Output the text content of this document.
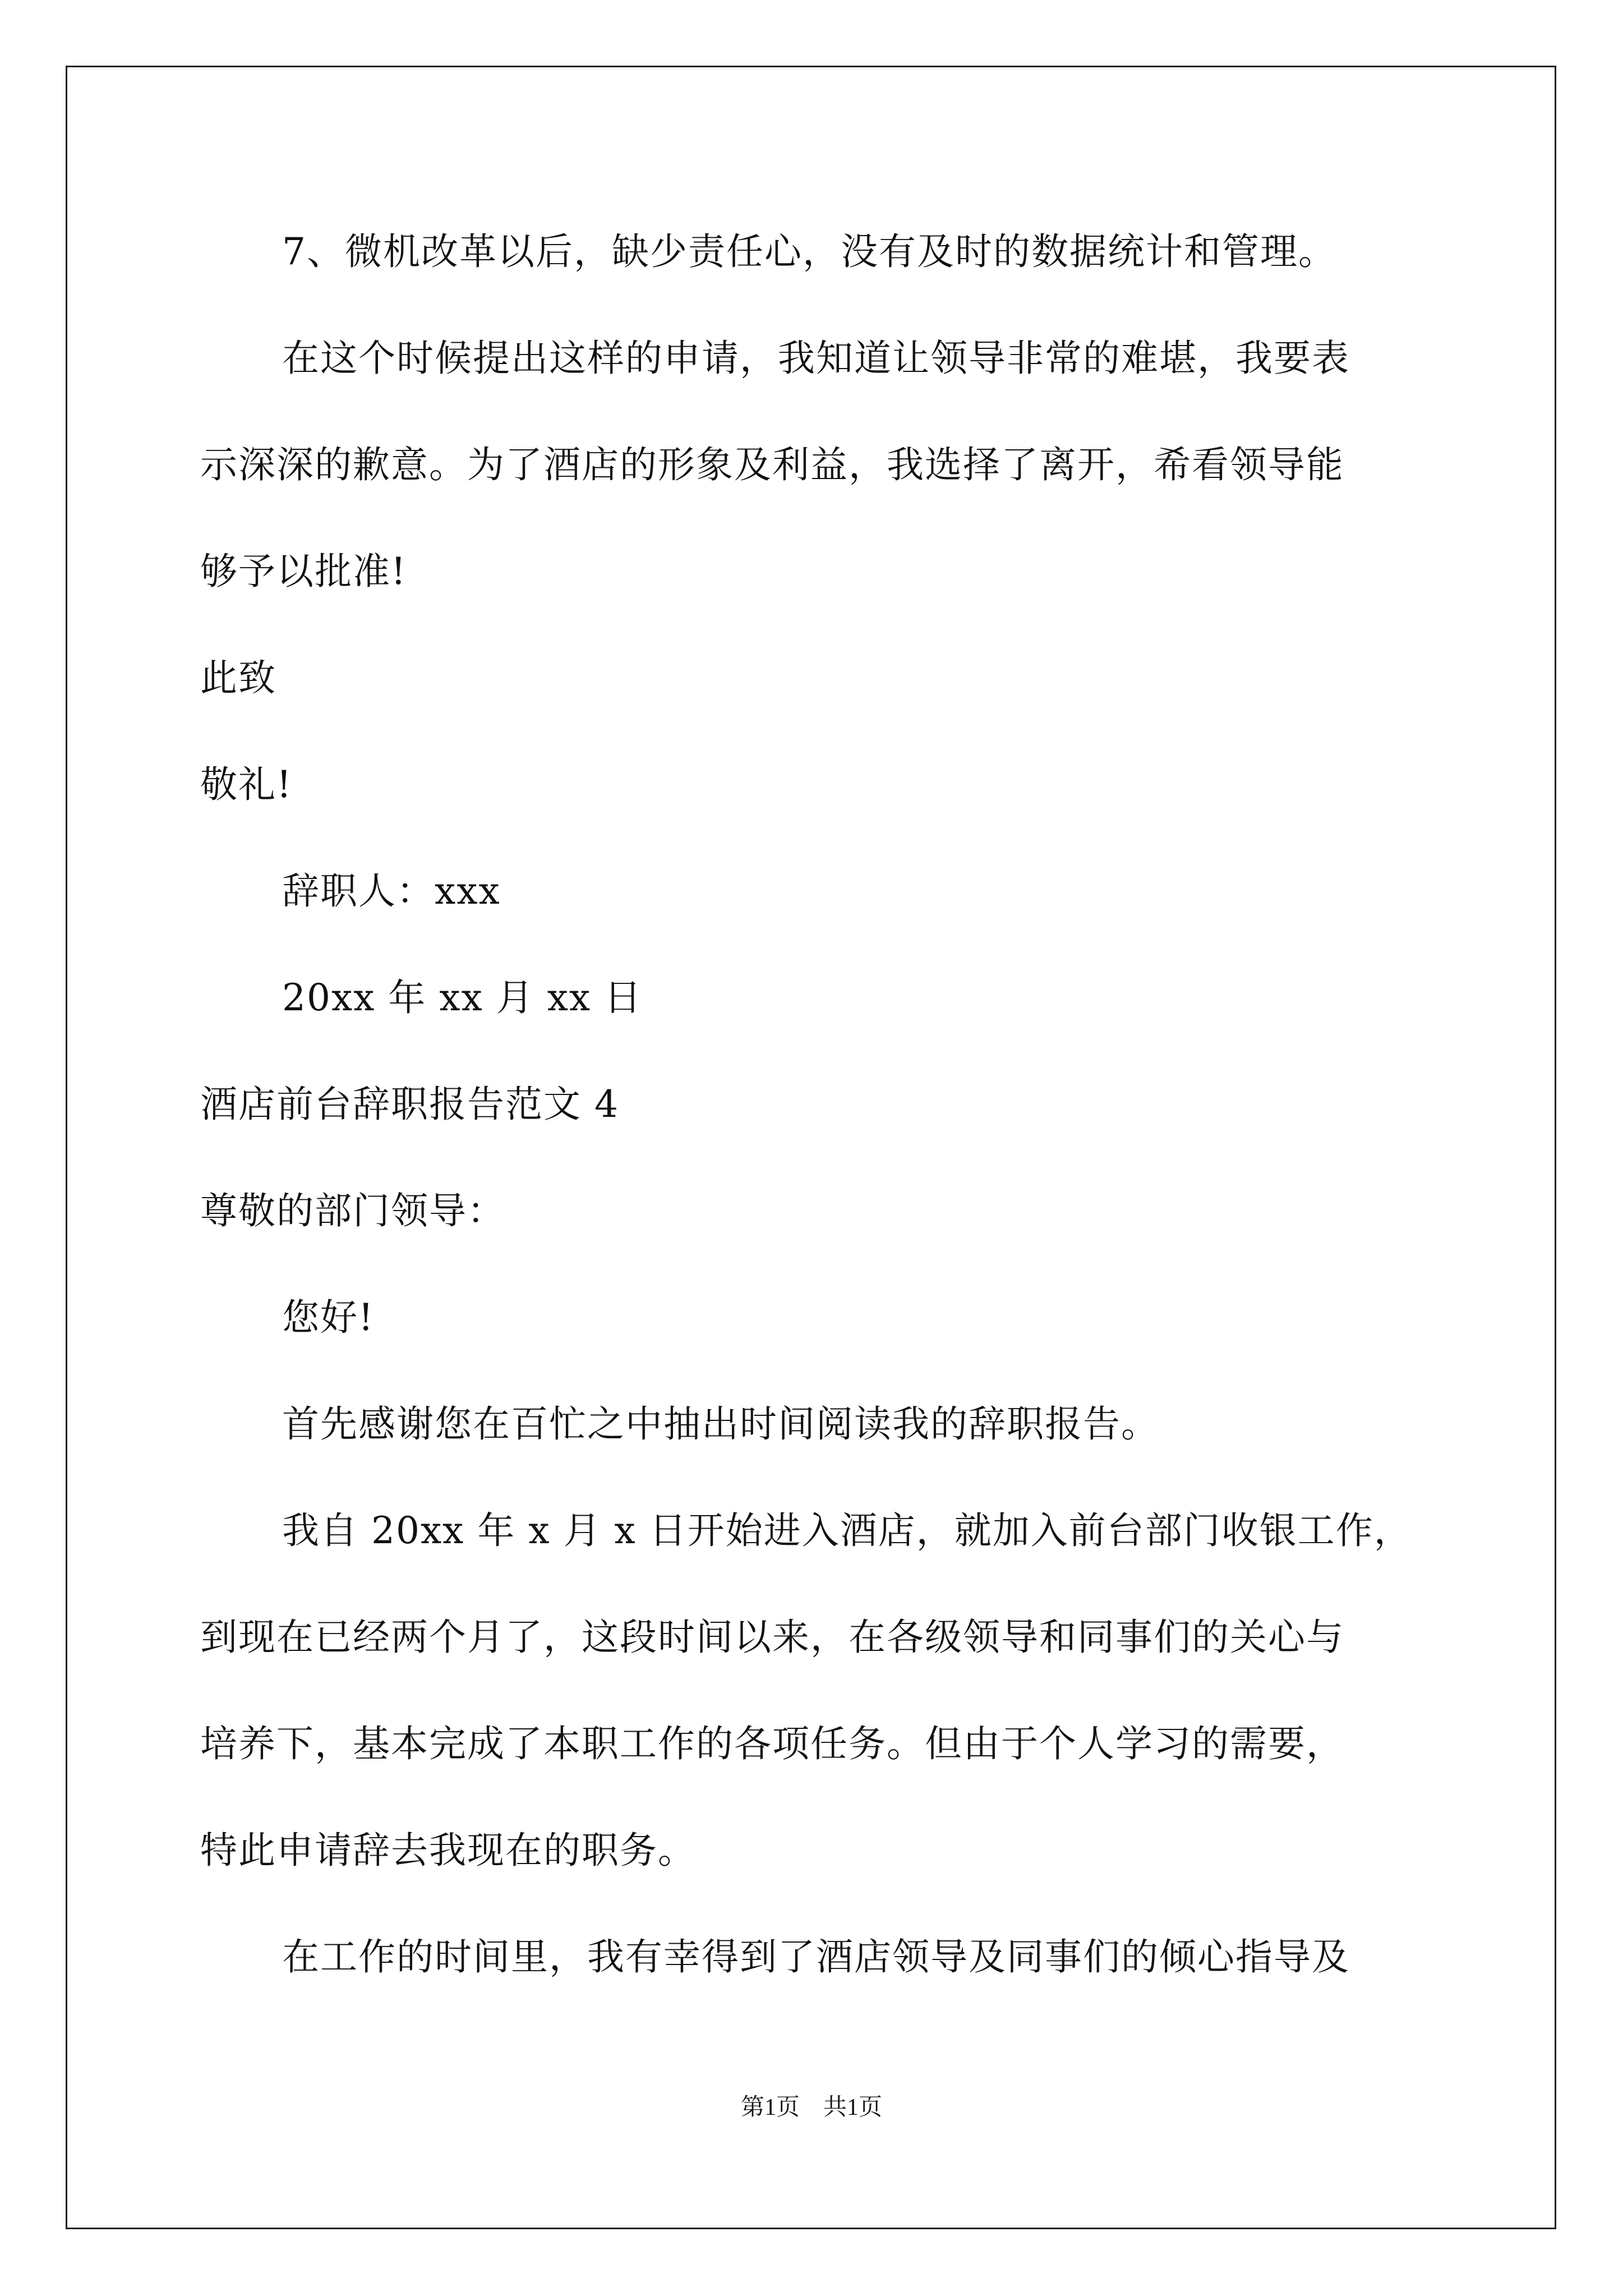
7、微机改革以后，缺少责任心，没有及时的数据统计和管理。
在这个时候提出这样的申请，我知道让领导非常的难堪，我要表
示深深的歉意。为了酒店的形象及利益，我选择了离开，希看领导能
够予以批准!
此致
敬礼!
辞职人：xxx
20xx 年 xx 月 xx 日
酒店前台辞职报告范文 4
尊敬的部门领导：
您好!
首先感谢您在百忙之中抽出时间阅读我的辞职报告。
我自 20xx 年 x 月 x 日开始进入酒店，就加入前台部门收银工作，
到现在已经两个月了，这段时间以来，在各级领导和同事们的关心与
培养下，基本完成了本职工作的各项任务。但由于个人学习的需要，
特此申请辞去我现在的职务。
在工作的时间里，我有幸得到了酒店领导及同事们的倾心指导及
第1页　共1页
